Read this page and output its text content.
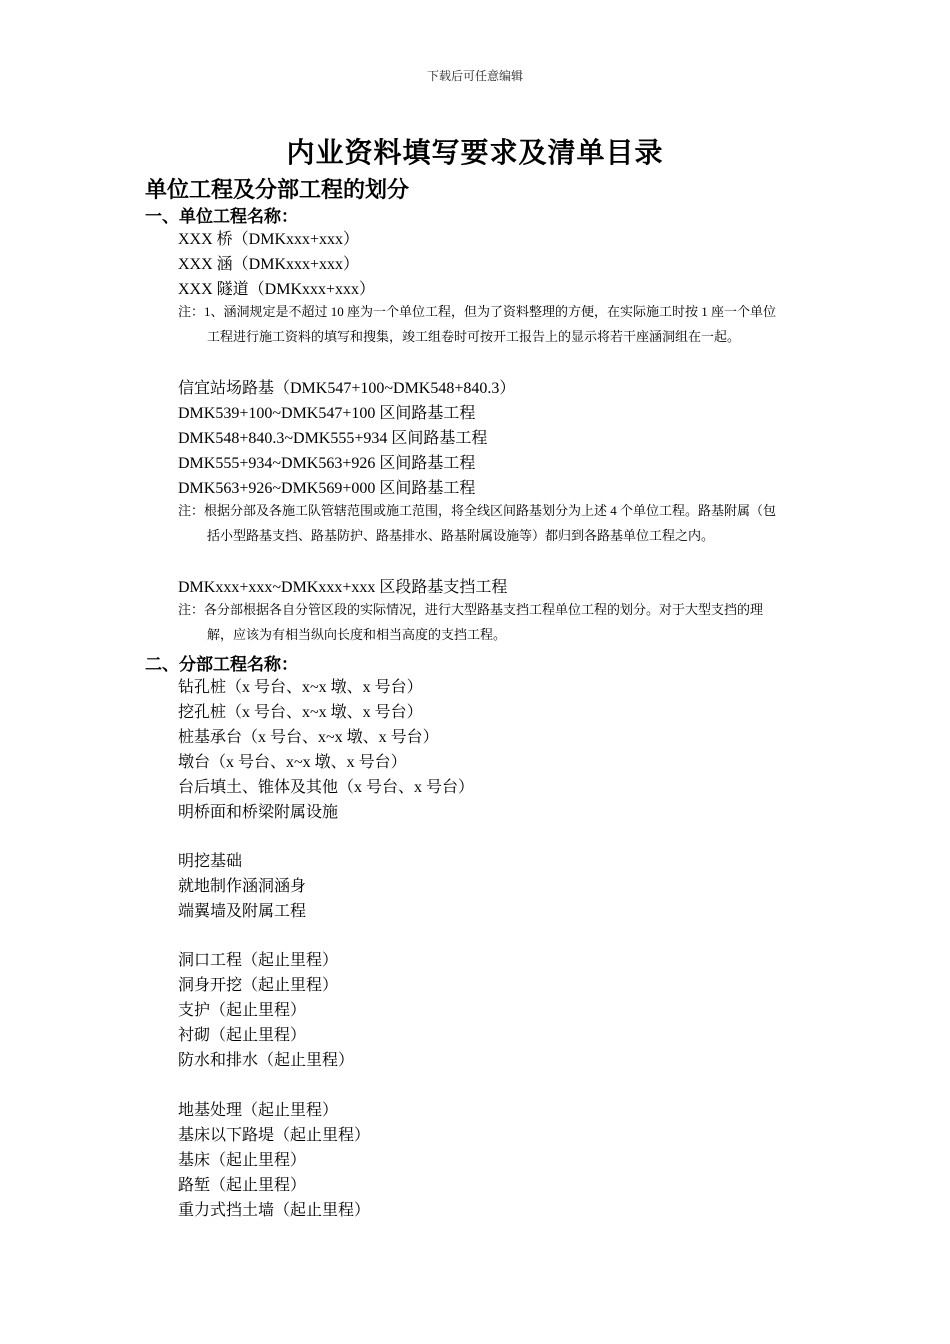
下载后可任意编辑
内业资料填写要求及清单目录
单位工程及分部工程的划分
一、单位工程名称：
XXX 桥（DMKxxx+xxx）
XXX 涵（DMKxxx+xxx）
XXX 隧道（DMKxxx+xxx）
注：1、涵洞规定是不超过 10 座为一个单位工程，但为了资料整理的方便，在实际施工时按 1 座一个单位工程进行施工资料的填写和搜集，竣工组卷时可按开工报告上的显示将若干座涵洞组在一起。
信宜站场路基（DMK547+100~DMK548+840.3）
DMK539+100~DMK547+100 区间路基工程
DMK548+840.3~DMK555+934 区间路基工程
DMK555+934~DMK563+926 区间路基工程
DMK563+926~DMK569+000 区间路基工程
注：根据分部及各施工队管辖范围或施工范围，将全线区间路基划分为上述 4 个单位工程。路基附属（包括小型路基支挡、路基防护、路基排水、路基附属设施等）都归到各路基单位工程之内。
DMKxxx+xxx~DMKxxx+xxx 区段路基支挡工程
注：各分部根据各自分管区段的实际情况，进行大型路基支挡工程单位工程的划分。对于大型支挡的理解，应该为有相当纵向长度和相当高度的支挡工程。
二、分部工程名称：
钻孔桩（x 号台、x~x 墩、x 号台）
挖孔桩（x 号台、x~x 墩、x 号台）
桩基承台（x 号台、x~x 墩、x 号台）
墩台（x 号台、x~x 墩、x 号台）
台后填土、锥体及其他（x 号台、x 号台）
明桥面和桥梁附属设施
明挖基础
就地制作涵洞涵身
端翼墙及附属工程
洞口工程（起止里程）
洞身开挖（起止里程）
支护（起止里程）
衬砌（起止里程）
防水和排水（起止里程）
地基处理（起止里程）
基床以下路堤（起止里程）
基床（起止里程）
路堑（起止里程）
重力式挡土墙（起止里程）
